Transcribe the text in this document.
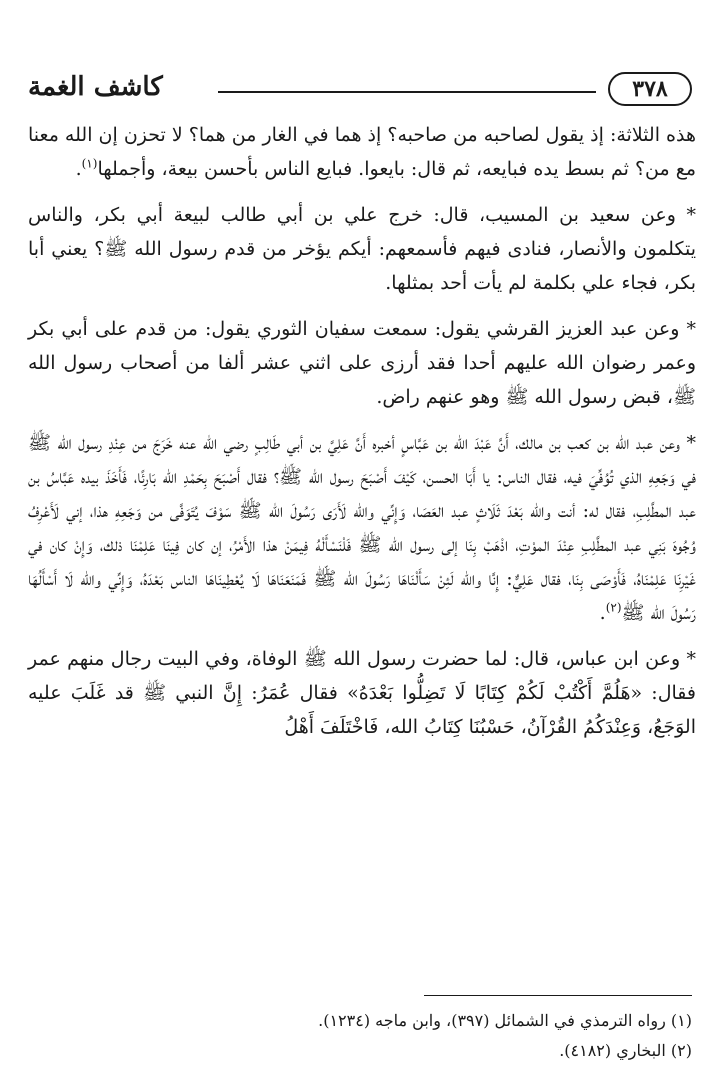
كاشف الغمة	٣٧٨

هذه الثلاثة: إذ يقول لصاحبه من صاحبه؟ إذ هما في الغار من هما؟ لا تحزن إن الله معنا مع من؟ ثم بسط يده فبايعه، ثم قال: بايعوا. فبايع الناس بأحسن بيعة، وأجملها$^{(١)}$.

* وعن سعيد بن المسيب، قال: خرج علي بن أبي طالب لبيعة أبي بكر، والناس يتكلمون والأنصار، فنادى فيهم فأسمعهم: أيكم يؤخر من قدم رسول الله ﷺ؟ يعني أبا بكر، فجاء علي بكلمة لم يأت أحد بمثلها.

* وعن عبد العزيز القرشي يقول: سمعت سفيان الثوري يقول: من قدم على أبي بكر وعمر رضوان الله عليهم أحدا فقد أرزى على اثني عشر ألفا من أصحاب رسول الله ﷺ، قبض رسول الله ﷺ وهو عنهم راض.

* وعن عبد الله بن كعب بن مالك، أَنَّ عَبْدَ الله بن عَبَّاسٍ أخبره أَنَّ عَلِيَّ بن أبي طَالِبٍ رضي الله عنه خَرَجَ من عِنْدِ رسول الله ﷺ في وَجَعِهِ الذي تُوُفِّيَ فيه، فقال الناس: يا أَبَا الحسن، كَيْفَ أَصْبَحَ رسول الله ﷺ؟ فقال أَصْبَحَ بِحَمْدِ الله بَارِئًا، فَأَخَذَ بيده عَبَّاسُ بن عبد المطَّلِبِ، فقال له: أنت والله بَعْدَ ثَلَاثٍ عبد العَصَا، وَإِنِّي والله لَأَرَى رَسُولَ الله ﷺ سَوْفَ يُتَوَفَّى من وَجَعِهِ هذا، إني لَأَعْرِفُ وُجُوهَ بَنِي عبد المطَّلِبِ عِنْدَ الموْتِ، اذْهَبْ بِنَا إلى رسول الله ﷺ فَلْنَسْأَلْهُ فِيمَنْ هذا الأَمْرُ، إن كان فِينَا عَلِمْنَا ذلك، وَإِنْ كان في غَيْرِنَا عَلِمْنَاهُ، فَأَوْصَى بِنَا، فقال عَلِيٌّ: إِنَّا والله لَئِنْ سَأَلْنَاهَا رَسُولَ الله ﷺ فَمَنَعَنَاهَا لَا يُعْطِينَاهَا الناس بَعْدَهُ، وَإِنِّي والله لَا أَسْأَلُهَا رَسُولَ الله ﷺ$^{(٢)}$.

* وعن ابن عباس، قال: لما حضرت رسول الله ﷺ الوفاة، وفي البيت رجال منهم عمر فقال: «هَلُمَّ أَكْتُبْ لَكُمْ كِتَابًا لَا تَضِلُّوا بَعْدَهُ» فقال عُمَرُ: إِنَّ النبي ﷺ قد غَلَبَ عليه الوَجَعُ، وَعِنْدَكُمُ القُرْآنُ، حَسْبُنَا كِتَابُ الله، فَاخْتَلَفَ أَهْلُ

(١) رواه الترمذي في الشمائل (٣٩٧)، وابن ماجه (١٢٣٤).

(٢) البخاري (٤١٨٢).
